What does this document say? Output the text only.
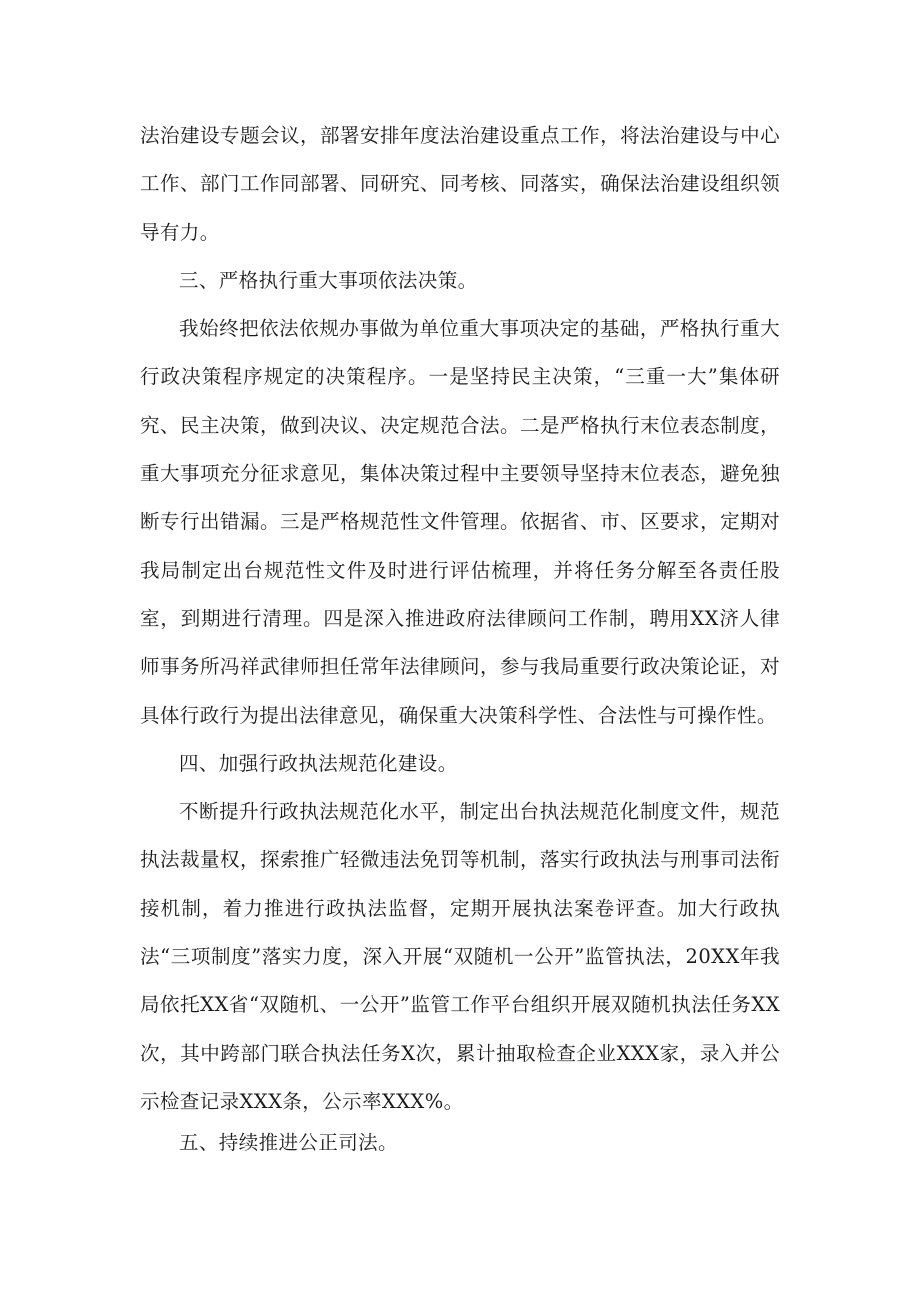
法治建设专题会议，部署安排年度法治建设重点工作，将法治建设与中心工作、部门工作同部署、同研究、同考核、同落实，确保法治建设组织领导有力。

三、严格执行重大事项依法决策。

我始终把依法依规办事做为单位重大事项决定的基础，严格执行重大行政决策程序规定的决策程序。一是坚持民主决策，“三重一大”集体研究、民主决策，做到决议、决定规范合法。二是严格执行末位表态制度，重大事项充分征求意见，集体决策过程中主要领导坚持末位表态，避免独断专行出错漏。三是严格规范性文件管理。依据省、市、区要求，定期对我局制定出台规范性文件及时进行评估梳理，并将任务分解至各责任股室，到期进行清理。四是深入推进政府法律顾问工作制，聘用XX济人律师事务所冯祥武律师担任常年法律顾问，参与我局重要行政决策论证，对具体行政行为提出法律意见，确保重大决策科学性、合法性与可操作性。

四、加强行政执法规范化建设。

不断提升行政执法规范化水平，制定出台执法规范化制度文件，规范执法裁量权，探索推广轻微违法免罚等机制，落实行政执法与刑事司法衔接机制，着力推进行政执法监督，定期开展执法案卷评查。加大行政执法“三项制度”落实力度，深入开展“双随机一公开”监管执法，20XX年我局依托XX省“双随机、一公开”监管工作平台组织开展双随机执法任务XX次，其中跨部门联合执法任务X次，累计抽取检查企业XXX家，录入并公示检查记录XXX条，公示率XXX%。

五、持续推进公正司法。
